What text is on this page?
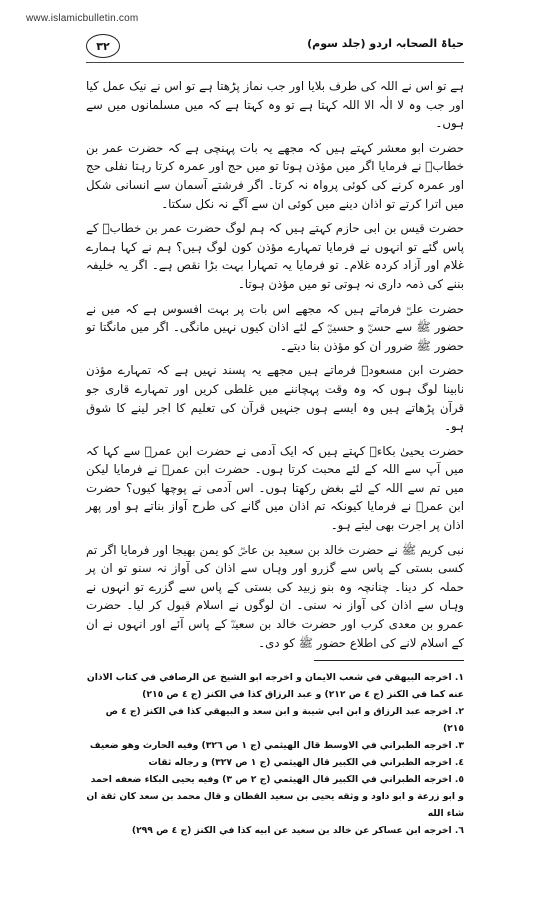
www.islamicbulletin.com
٣٢	حیاۃ الصحابہ اردو (جلد سوم)

ہے تو اس نے اللہ کی طرف بلایا اور جب نماز پڑھتا ہے تو اس نے نیک عمل کیا اور جب وہ لا الٰہ الا اللہ کہتا ہے تو وہ کہتا ہے کہ میں مسلمانوں میں سے ہوں۔

حضرت ابو معشر کہتے ہیں کہ مجھے یہ بات پہنچی ہے کہ حضرت عمر بن خطابؓ نے فرمایا اگر میں مؤذن ہوتا تو میں حج اور عمرہ کرتا رہتا نفلی حج اور عمرہ کرنے کی کوئی پرواہ نہ کرتا۔ اگر فرشتے آسمان سے انسانی شکل میں اترا کرتے تو اذان دینے میں کوئی ان سے آگے نہ نکل سکتا۔

حضرت قیس بن ابی حازم کہتے ہیں کہ ہم لوگ حضرت عمر بن خطابؓ کے پاس گئے تو انہوں نے فرمایا تمہارے مؤذن کون لوگ ہیں؟ ہم نے کہا ہمارے غلام اور آزاد کردہ غلام۔ تو فرمایا یہ تمہارا بہت بڑا نقص ہے۔ اگر یہ خلیفہ بننے کی ذمہ داری نہ ہوتی تو میں مؤذن ہوتا۔

حضرت علیؓ فرماتے ہیں کہ مجھے اس بات پر بہت افسوس ہے کہ میں نے حضور ﷺ سے حسنؓ و حسینؓ کے لئے اذان کیوں نہیں مانگی۔ اگر میں مانگتا تو حضور ﷺ ضرور ان کو مؤذن بنا دیتے۔

حضرت ابن مسعودؓ فرماتے ہیں مجھے یہ پسند نہیں ہے کہ تمہارے مؤذن نابینا لوگ ہوں کہ وہ وقت پہچاننے میں غلطی کریں اور تمہارے قاری جو قرآن پڑھاتے ہیں وہ ایسے ہوں جنہیں قرآن کی تعلیم کا اجر لینے کا شوق ہو۔

حضرت یحییٰ بکاءؒ کہتے ہیں کہ ایک آدمی نے حضرت ابن عمرؓ سے کہا کہ میں آپ سے اللہ کے لئے محبت کرتا ہوں۔ حضرت ابن عمرؓ نے فرمایا لیکن میں تم سے اللہ کے لئے بغض رکھتا ہوں۔ اس آدمی نے پوچھا کیوں؟ حضرت ابن عمرؓ نے فرمایا کیونکہ تم اذان میں گانے کی طرح آواز بناتے ہو اور پھر اذان پر اجرت بھی لیتے ہو۔

نبی کریم ﷺ نے حضرت خالد بن سعید بن عاصؓ کو یمن بھیجا اور فرمایا اگر تم کسی بستی کے پاس سے گزرو اور وہاں سے اذان کی آواز نہ سنو تو ان پر حملہ کر دینا۔ چنانچہ وہ بنو زبید کی بستی کے پاس سے گزرے تو انہوں نے وہاں سے اذان کی آواز نہ سنی۔ ان لوگوں نے اسلام قبول کر لیا۔ حضرت عمرو بن معدی کرب اور حضرت خالد بن سعیدؓ کے پاس آئے اور انہوں نے ان کے اسلام لانے کی اطلاع حضور ﷺ کو دی۔

١. اخرجه البيهقي في شعب الايمان و اخرجه ابو الشيخ عن الرصافي في كتاب الاذان عنه كما في الكنز (ج ٤ ص ٢١٢) و عبد الرزاق كذا في الكنز (ج ٤ ص ٢١٥)

٢. اخرجه عبد الرزاق و ابن ابي شيبة و ابن سعد و البيهقي كذا في الكنز (ج ٤ ص ٢١٥)

٣. اخرجه الطبراني في الاوسط قال الهيثمي (ج ١ ص ٣٢٦) وفيه الحارث وهو ضعيف

٤. اخرجه الطبراني في الكبير قال الهيثمي (ج ١ ص ٣٢٧) و رجاله ثقات

٥. اخرجه الطبراني في الكبير قال الهيثمي (ج ٢ ص ٣) وفيه يحيى البكاء ضعفه احمد و ابو زرعة و ابو داود و وثقه يحيى بن سعيد القطان و قال محمد بن سعد كان ثقة ان شاء الله

٦. اخرجه ابن عساكر عن خالد بن سعيد عن ابيه كذا في الكنز (ج ٤ ص ٢٩٩)
